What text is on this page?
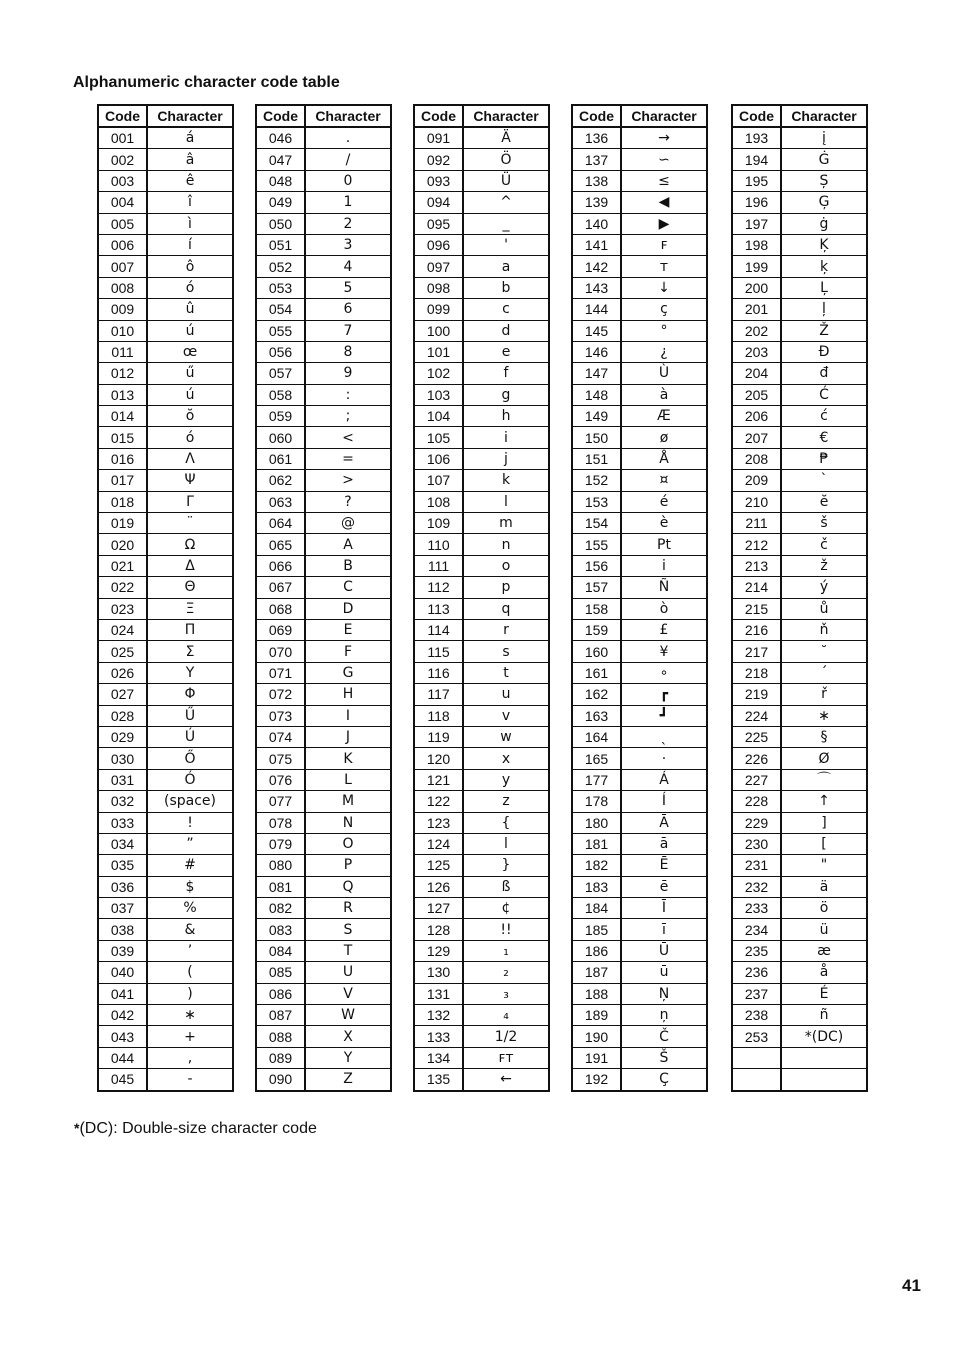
Alphanumeric character code table
Code	Character
001	á
002	â
003	ê
004	î
005	ì
006	í
007	ô
008	ó
009	û
010	ú
011	œ
012	ű
013	ú
014	ŏ
015	ó
016	Λ
017	Ψ
018	Γ
019	¨
020	Ω
021	Δ
022	Θ
023	Ξ
024	Π
025	Σ
026	Υ
027	Φ
028	Ű
029	Ú
030	Ő
031	Ó
032	(space)
033	!
034	”
035	#
036	$
037	%
038	&
039	’
040	(
041	)
042	∗
043	+
044	,
045	-
Code	Character
046	.
047	/
048	0
049	1
050	2
051	3
052	4
053	5
054	6
055	7
056	8
057	9
058	:
059	;
060	<
061	=
062	>
063	?
064	@
065	A
066	B
067	C
068	D
069	E
070	F
071	G
072	H
073	I
074	J
075	K
076	L
077	M
078	N
079	O
080	P
081	Q
082	R
083	S
084	T
085	U
086	V
087	W
088	X
089	Y
090	Z
Code	Character
091	Ä
092	Ö
093	Ü
094	^
095	_
096	'
097	a
098	b
099	c
100	d
101	e
102	f
103	g
104	h
105	i
106	j
107	k
108	l
109	m
110	n
111	o
112	p
113	q
114	r
115	s
116	t
117	u
118	v
119	w
120	x
121	y
122	z
123	{
124	l
125	}
126	ß
127	¢
128	!!
129	₁
130	₂
131	₃
132	₄
133	1/2
134	ꜰᴛ
135	←
Code	Character
136	→
137	∽
138	≤
139	◀
140	▶
141	ꜰ
142	ᴛ
143	↓
144	ç
145	°
146	¿
147	Ù
148	à
149	Æ
150	ø
151	Å
152	¤
153	é
154	è
155	Pt
156	i
157	Ñ
158	ò
159	£
160	¥
161	∘
162	┏
163	┛
164	ˎ
165	·
177	Á
178	Í
180	Ā
181	ā
182	Ē
183	ē
184	Ī
185	ī
186	Ū
187	ū
188	Ņ
189	ņ
190	Č
191	Š
192	Ç
Code	Character
193	į
194	Ġ
195	Ș
196	Ģ
197	ġ
198	Ķ
199	ķ
200	Ļ
201	ļ
202	Ž
203	Đ
204	đ
205	Ć
206	ć
207	€
208	₱
209	`
210	ĕ
211	š
212	č
213	ž
214	ý
215	ů
216	ň
217	˘
218	ˊ
219	ř
224	∗
225	§
226	Ø
227	⌒
228	↑
229	]
230	[
231	"
232	ä
233	ö
234	ü
235	æ
236	å
237	É
238	ñ
253	*(DC)

*(DC): Double-size character code
41
